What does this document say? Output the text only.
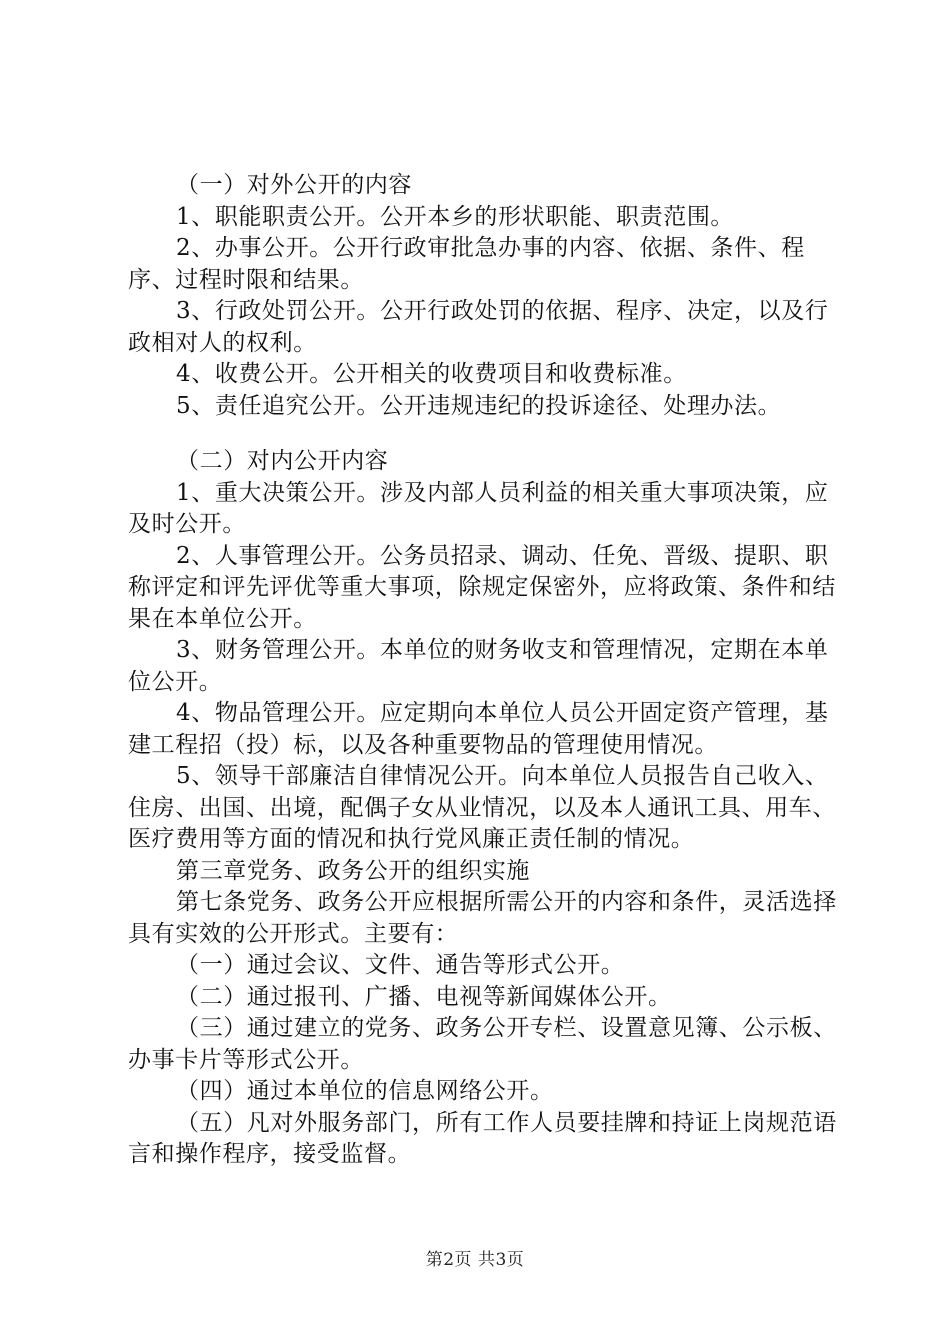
（一）对外公开的内容

1、职能职责公开。公开本乡的形状职能、职责范围。

2、办事公开。公开行政审批急办事的内容、依据、条件、程序、过程时限和结果。

3、行政处罚公开。公开行政处罚的依据、程序、决定，以及行政相对人的权利。

4、收费公开。公开相关的收费项目和收费标准。

5、责任追究公开。公开违规违纪的投诉途径、处理办法。

（二）对内公开内容

1、重大决策公开。涉及内部人员利益的相关重大事项决策，应及时公开。

2、人事管理公开。公务员招录、调动、任免、晋级、提职、职称评定和评先评优等重大事项，除规定保密外，应将政策、条件和结果在本单位公开。

3、财务管理公开。本单位的财务收支和管理情况，定期在本单位公开。

4、物品管理公开。应定期向本单位人员公开固定资产管理，基建工程招（投）标，以及各种重要物品的管理使用情况。

5、领导干部廉洁自律情况公开。向本单位人员报告自己收入、住房、出国、出境，配偶子女从业情况，以及本人通讯工具、用车、医疗费用等方面的情况和执行党风廉正责任制的情况。

第三章党务、政务公开的组织实施

第七条党务、政务公开应根据所需公开的内容和条件，灵活选择具有实效的公开形式。主要有：

（一）通过会议、文件、通告等形式公开。

（二）通过报刊、广播、电视等新闻媒体公开。

（三）通过建立的党务、政务公开专栏、设置意见簿、公示板、办事卡片等形式公开。

（四）通过本单位的信息网络公开。

（五）凡对外服务部门，所有工作人员要挂牌和持证上岗规范语言和操作程序，接受监督。

第2页 共3页
